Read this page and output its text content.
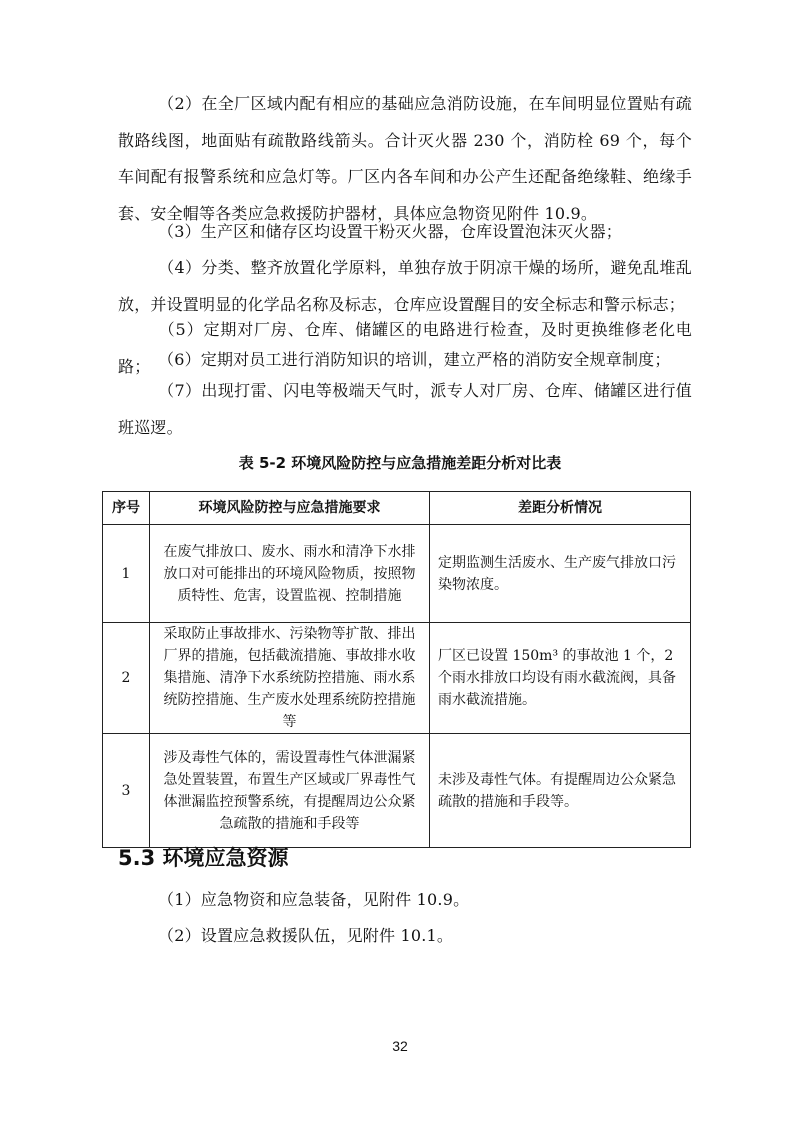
（2）在全厂区域内配有相应的基础应急消防设施，在车间明显位置贴有疏散路线图，地面贴有疏散路线箭头。合计灭火器 230 个，消防栓 69 个，每个车间配有报警系统和应急灯等。厂区内各车间和办公产生还配备绝缘鞋、绝缘手套、安全帽等各类应急救援防护器材，具体应急物资见附件 10.9。

（3）生产区和储存区均设置干粉灭火器，仓库设置泡沫灭火器；

（4）分类、整齐放置化学原料，单独存放于阴凉干燥的场所，避免乱堆乱放，并设置明显的化学品名称及标志，仓库应设置醒目的安全标志和警示标志；

（5）定期对厂房、仓库、储罐区的电路进行检查，及时更换维修老化电路； （6）定期对员工进行消防知识的培训，建立严格的消防安全规章制度；

（7）出现打雷、闪电等极端天气时，派专人对厂房、仓库、储罐区进行值班巡逻。

表 5-2 环境风险防控与应急措施差距分析对比表
序号	环境风险防控与应急措施要求	差距分析情况
1	在废气排放口、废水、雨水和清净下水排放口对可能排出的环境风险物质，按照物质特性、危害，设置监视、控制措施	定期监测生活废水、生产废气排放口污染物浓度。
2	采取防止事故排水、污染物等扩散、排出厂界的措施，包括截流措施、事故排水收集措施、清净下水系统防控措施、雨水系统防控措施、生产废水处理系统防控措施等	厂区已设置 150m³ 的事故池 1 个，2 个雨水排放口均设有雨水截流阀，具备雨水截流措施。
3	涉及毒性气体的，需设置毒性气体泄漏紧急处置装置，布置生产区域或厂界毒性气体泄漏监控预警系统，有提醒周边公众紧急疏散的措施和手段等	未涉及毒性气体。有提醒周边公众紧急疏散的措施和手段等。
5.3 环境应急资源

（1）应急物资和应急装备，见附件 10.9。

（2）设置应急救援队伍，见附件 10.1。

32
